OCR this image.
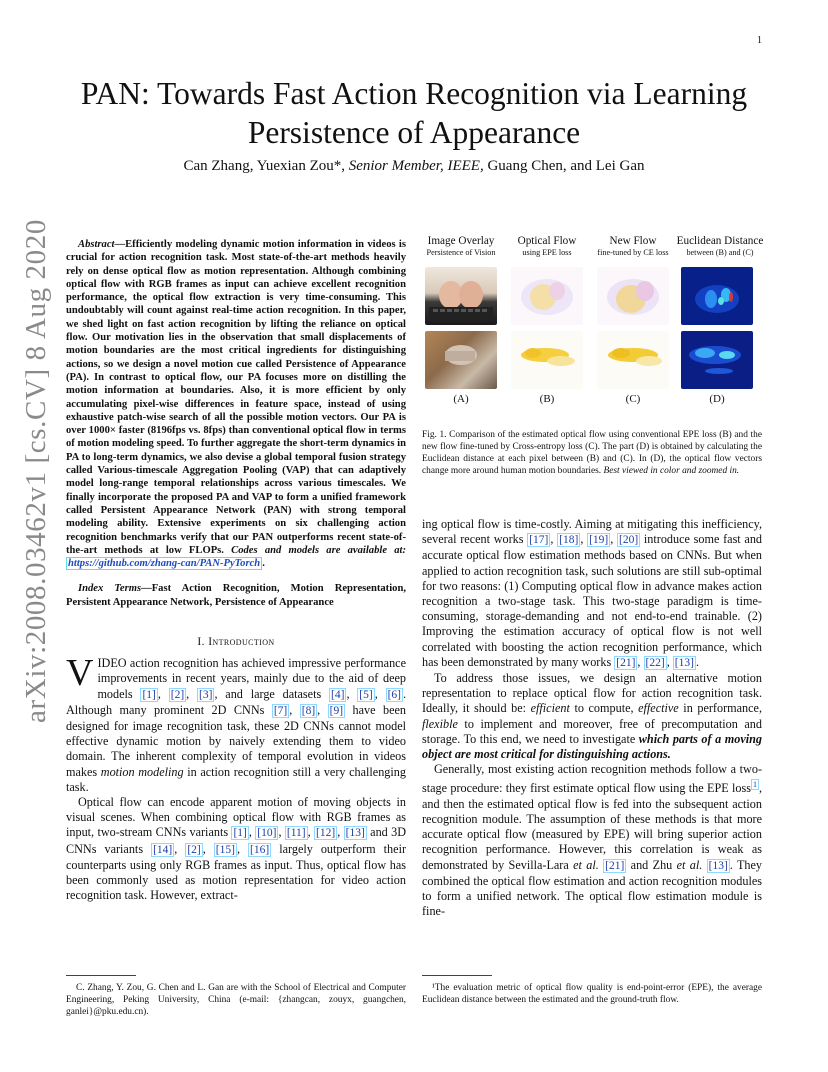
1
arXiv:2008.03462v1 [cs.CV] 8 Aug 2020
PAN: Towards Fast Action Recognition via Learning Persistence of Appearance
Can Zhang, Yuexian Zou*, Senior Member, IEEE, Guang Chen, and Lei Gan

Abstract—Efficiently modeling dynamic motion information in videos is crucial for action recognition task. Most state-of-the-art methods heavily rely on dense optical flow as motion representation. Although combining optical flow with RGB frames as input can achieve excellent recognition performance, the optical flow extraction is very time-consuming. This undoubtably will count against real-time action recognition. In this paper, we shed light on fast action recognition by lifting the reliance on optical flow. Our motivation lies in the observation that small displacements of motion boundaries are the most critical ingredients for distinguishing actions, so we design a novel motion cue called Persistence of Appearance (PA). In contrast to optical flow, our PA focuses more on distilling the motion information at boundaries. Also, it is more efficient by only accumulating pixel-wise differences in feature space, instead of using exhaustive patch-wise search of all the possible motion vectors. Our PA is over 1000× faster (8196fps vs. 8fps) than conventional optical flow in terms of motion modeling speed. To further aggregate the short-term dynamics in PA to long-term dynamics, we also devise a global temporal fusion strategy called Various-timescale Aggregation Pooling (VAP) that can adaptively model long-range temporal relationships across various timescales. We finally incorporate the proposed PA and VAP to form a unified framework called Persistent Appearance Network (PAN) with strong temporal modeling ability. Extensive experiments on six challenging action recognition benchmarks verify that our PAN outperforms recent state-of-the-art methods at low FLOPs. Codes and models are available at: https://github.com/zhang-can/PAN-PyTorch .

Index Terms—Fast Action Recognition, Motion Representation, Persistent Appearance Network, Persistence of Appearance

I. Introduction

VIDEO action recognition has achieved impressive performance improvements in recent years, mainly due to the aid of deep models [1] , [2] , [3] , and large datasets [4] , [5] , [6] . Although many prominent 2D CNNs [7] , [8] , [9] have been designed for image recognition task, these 2D CNNs cannot model effective dynamic motion by naively extending them to video domain. The inherent complexity of temporal evolution in videos makes motion modeling in action recognition still a very challenging task.

Optical flow can encode apparent motion of moving objects in visual scenes. When combining optical flow with RGB frames as input, two-stream CNNs variants [1] , [10] , [11] , [12] , [13] and 3D CNNs variants [14] , [2] , [15] , [16] largely outperform their counterparts using only RGB frames as input. Thus, optical flow has been commonly used as motion representation for video action recognition task. However, extract-

C. Zhang, Y. Zou, G. Chen and L. Gan are with the School of Electrical and Computer Engineering, Peking University, China (e-mail: {zhangcan, zouyx, guangchen, ganlei}@pku.edu.cn).
Image Overlay
Persistence of Vision
Optical Flow
using EPE loss
New Flow
fine-tuned by CE loss
Euclidean Distance
between (B) and (C)
(A)	(B)	(C)	(D)
Fig. 1. Comparison of the estimated optical flow using conventional EPE loss (B) and the new flow fine-tuned by Cross-entropy loss (C). The part (D) is obtained by calculating the Euclidean distance at each pixel between (B) and (C). In (D), the optical flow vectors change more around human motion boundaries. Best viewed in color and zoomed in.

ing optical flow is time-costly. Aiming at mitigating this inefficiency, several recent works [17] , [18] , [19] , [20] introduce some fast and accurate optical flow estimation methods based on CNNs. But when applied to action recognition task, such solutions are still sub-optimal for two reasons: (1) Computing optical flow in advance makes action recognition a two-stage task. This two-stage paradigm is time-consuming, storage-demanding and not end-to-end trainable. (2) Improving the estimation accuracy of optical flow is not well correlated with boosting the action recognition performance, which has been demonstrated by many works [21] , [22] , [13] .

To address those issues, we design an alternative motion representation to replace optical flow for action recognition task. Ideally, it should be: efficient to compute, effective in performance, flexible to implement and moreover, free of precomputation and storage. To this end, we need to investigate which parts of a moving object are most critical for distinguishing actions.

Generally, most existing action recognition methods follow a two-stage procedure: they first estimate optical flow using the EPE loss $^1$ , and then the estimated optical flow is fed into the subsequent action recognition module. The assumption of these methods is that more accurate optical flow (measured by EPE) will bring superior action recognition performance. However, this correlation is weak as demonstrated by Sevilla-Lara et al. [21] and Zhu et al. [13] . They combined the optical flow estimation and action recognition modules to form a unified network. The optical flow estimation module is fine-

¹The evaluation metric of optical flow quality is end-point-error (EPE), the average Euclidean distance between the estimated and the ground-truth flow.
